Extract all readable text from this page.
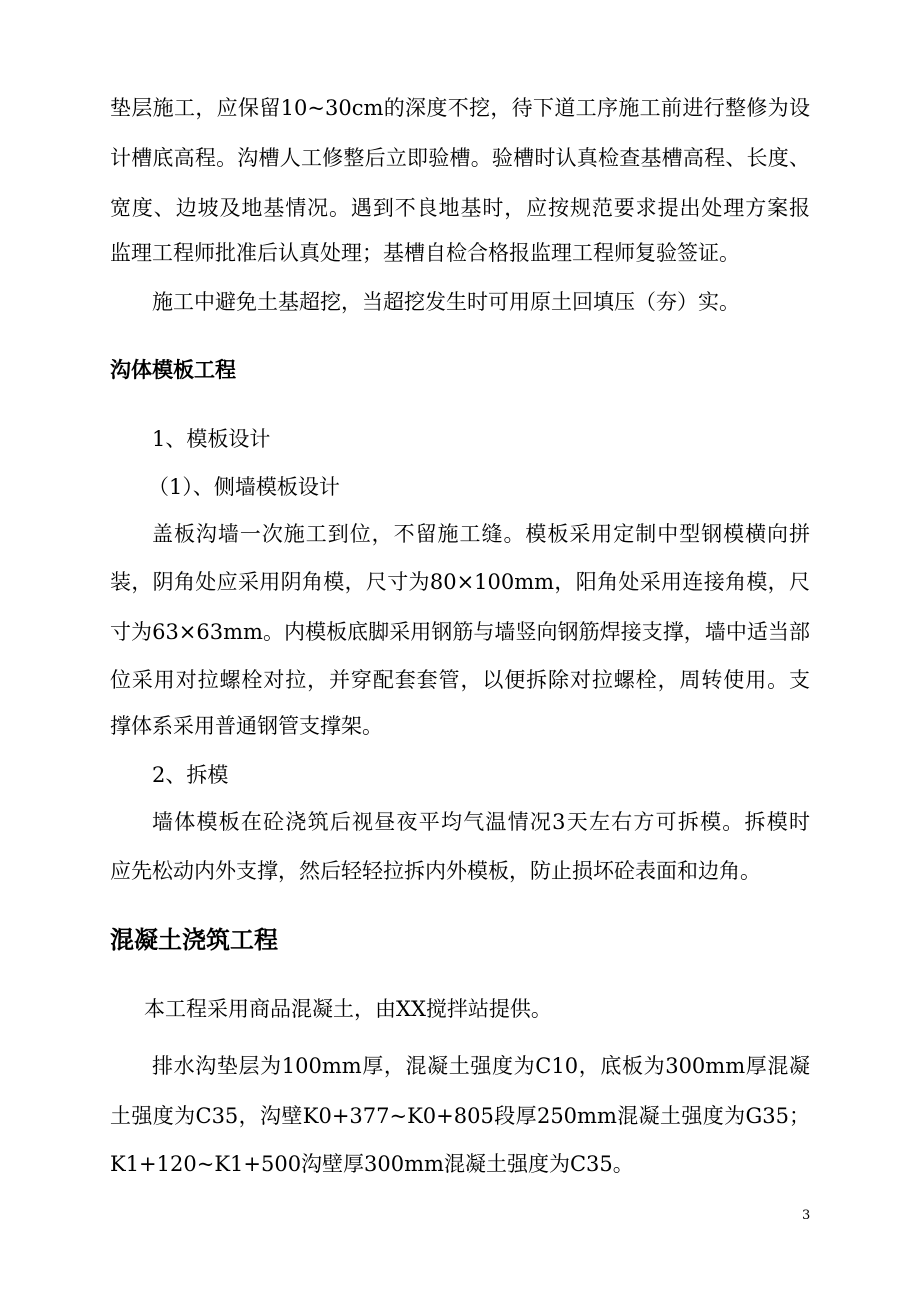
垫层施工，应保留10~30cm的深度不挖，待下道工序施工前进行整修为设

计槽底高程。沟槽人工修整后立即验槽。验槽时认真检查基槽高程、长度、

宽度、边坡及地基情况。遇到不良地基时，应按规范要求提出处理方案报

监理工程师批准后认真处理；基槽自检合格报监理工程师复验签证。

施工中避免土基超挖，当超挖发生时可用原土回填压（夯）实。

沟体模板工程

1、模板设计

（1）、侧墙模板设计

盖板沟墙一次施工到位，不留施工缝。模板采用定制中型钢模横向拼

装，阴角处应采用阴角模，尺寸为80×100mm，阳角处采用连接角模，尺

寸为63×63mm。内模板底脚采用钢筋与墙竖向钢筋焊接支撑，墙中适当部

位采用对拉螺栓对拉，并穿配套套管，以便拆除对拉螺栓，周转使用。支

撑体系采用普通钢管支撑架。

2、拆模

墙体模板在砼浇筑后视昼夜平均气温情况3天左右方可拆模。拆模时

应先松动内外支撑，然后轻轻拉拆内外模板，防止损坏砼表面和边角。

混凝土浇筑工程

本工程采用商品混凝土，由XX搅拌站提供。

排水沟垫层为100mm厚，混凝土强度为C10，底板为300mm厚混凝

土强度为C35，沟壁K0+377~K0+805段厚250mm混凝土强度为G35；

K1+120~K1+500沟壁厚300mm混凝土强度为C35。

3
